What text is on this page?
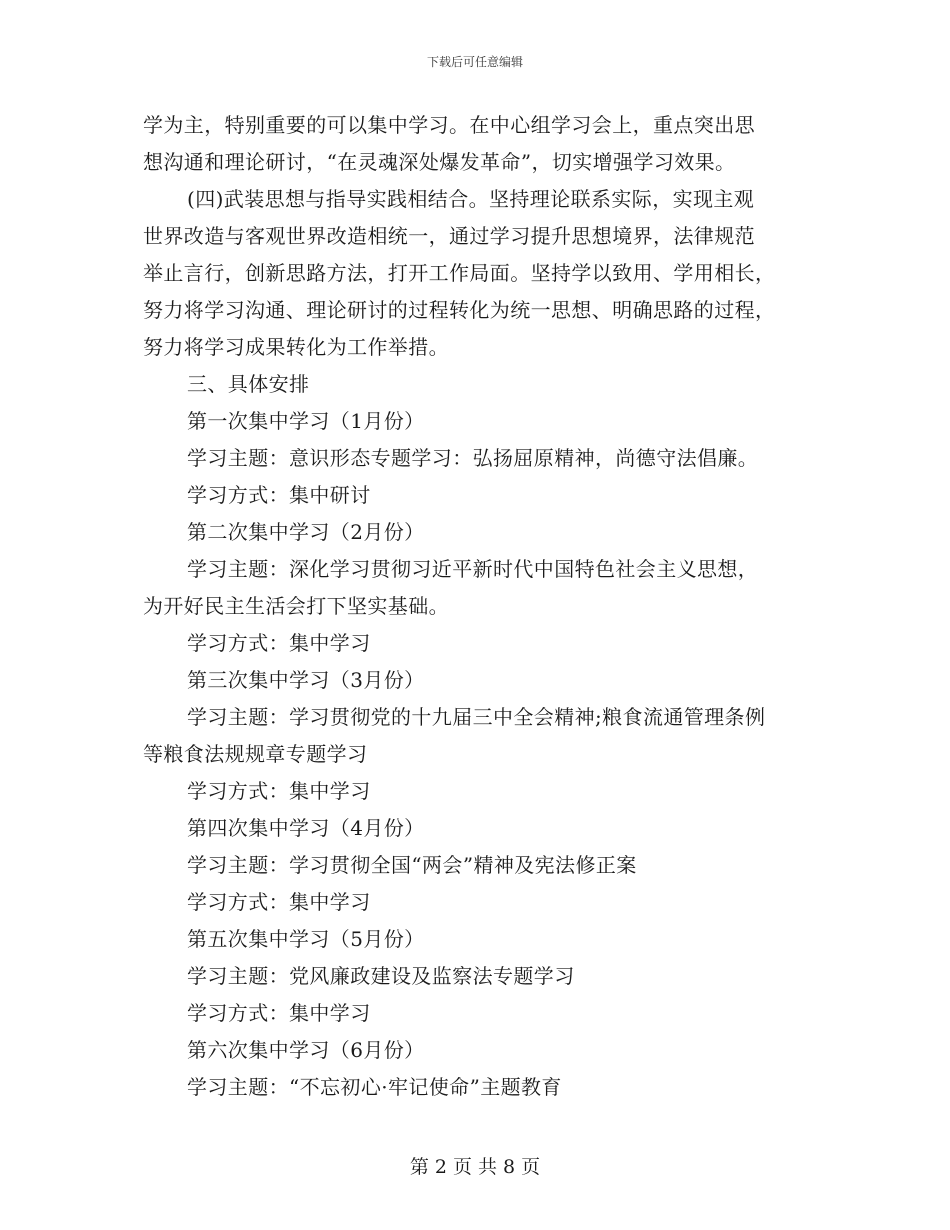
下载后可任意编辑

学为主，特别重要的可以集中学习。在中心组学习会上，重点突出思

想沟通和理论研讨，“在灵魂深处爆发革命”，切实增强学习效果。

(四)武装思想与指导实践相结合。坚持理论联系实际，实现主观

世界改造与客观世界改造相统一，通过学习提升思想境界，法律规范

举止言行，创新思路方法，打开工作局面。坚持学以致用、学用相长，

努力将学习沟通、理论研讨的过程转化为统一思想、明确思路的过程，

努力将学习成果转化为工作举措。

三、具体安排

第一次集中学习（1月份）

学习主题：意识形态专题学习：弘扬屈原精神，尚德守法倡廉。

学习方式：集中研讨

第二次集中学习（2月份）

学习主题：深化学习贯彻习近平新时代中国特色社会主义思想，

为开好民主生活会打下坚实基础。

学习方式：集中学习

第三次集中学习（3月份）

学习主题：学习贯彻党的十九届三中全会精神;粮食流通管理条例

等粮食法规规章专题学习

学习方式：集中学习

第四次集中学习（4月份）

学习主题：学习贯彻全国“两会”精神及宪法修正案

学习方式：集中学习

第五次集中学习（5月份）

学习主题：党风廉政建设及监察法专题学习

学习方式：集中学习

第六次集中学习（6月份）

学习主题：“不忘初心·牢记使命”主题教育

第 2 页 共 8 页
